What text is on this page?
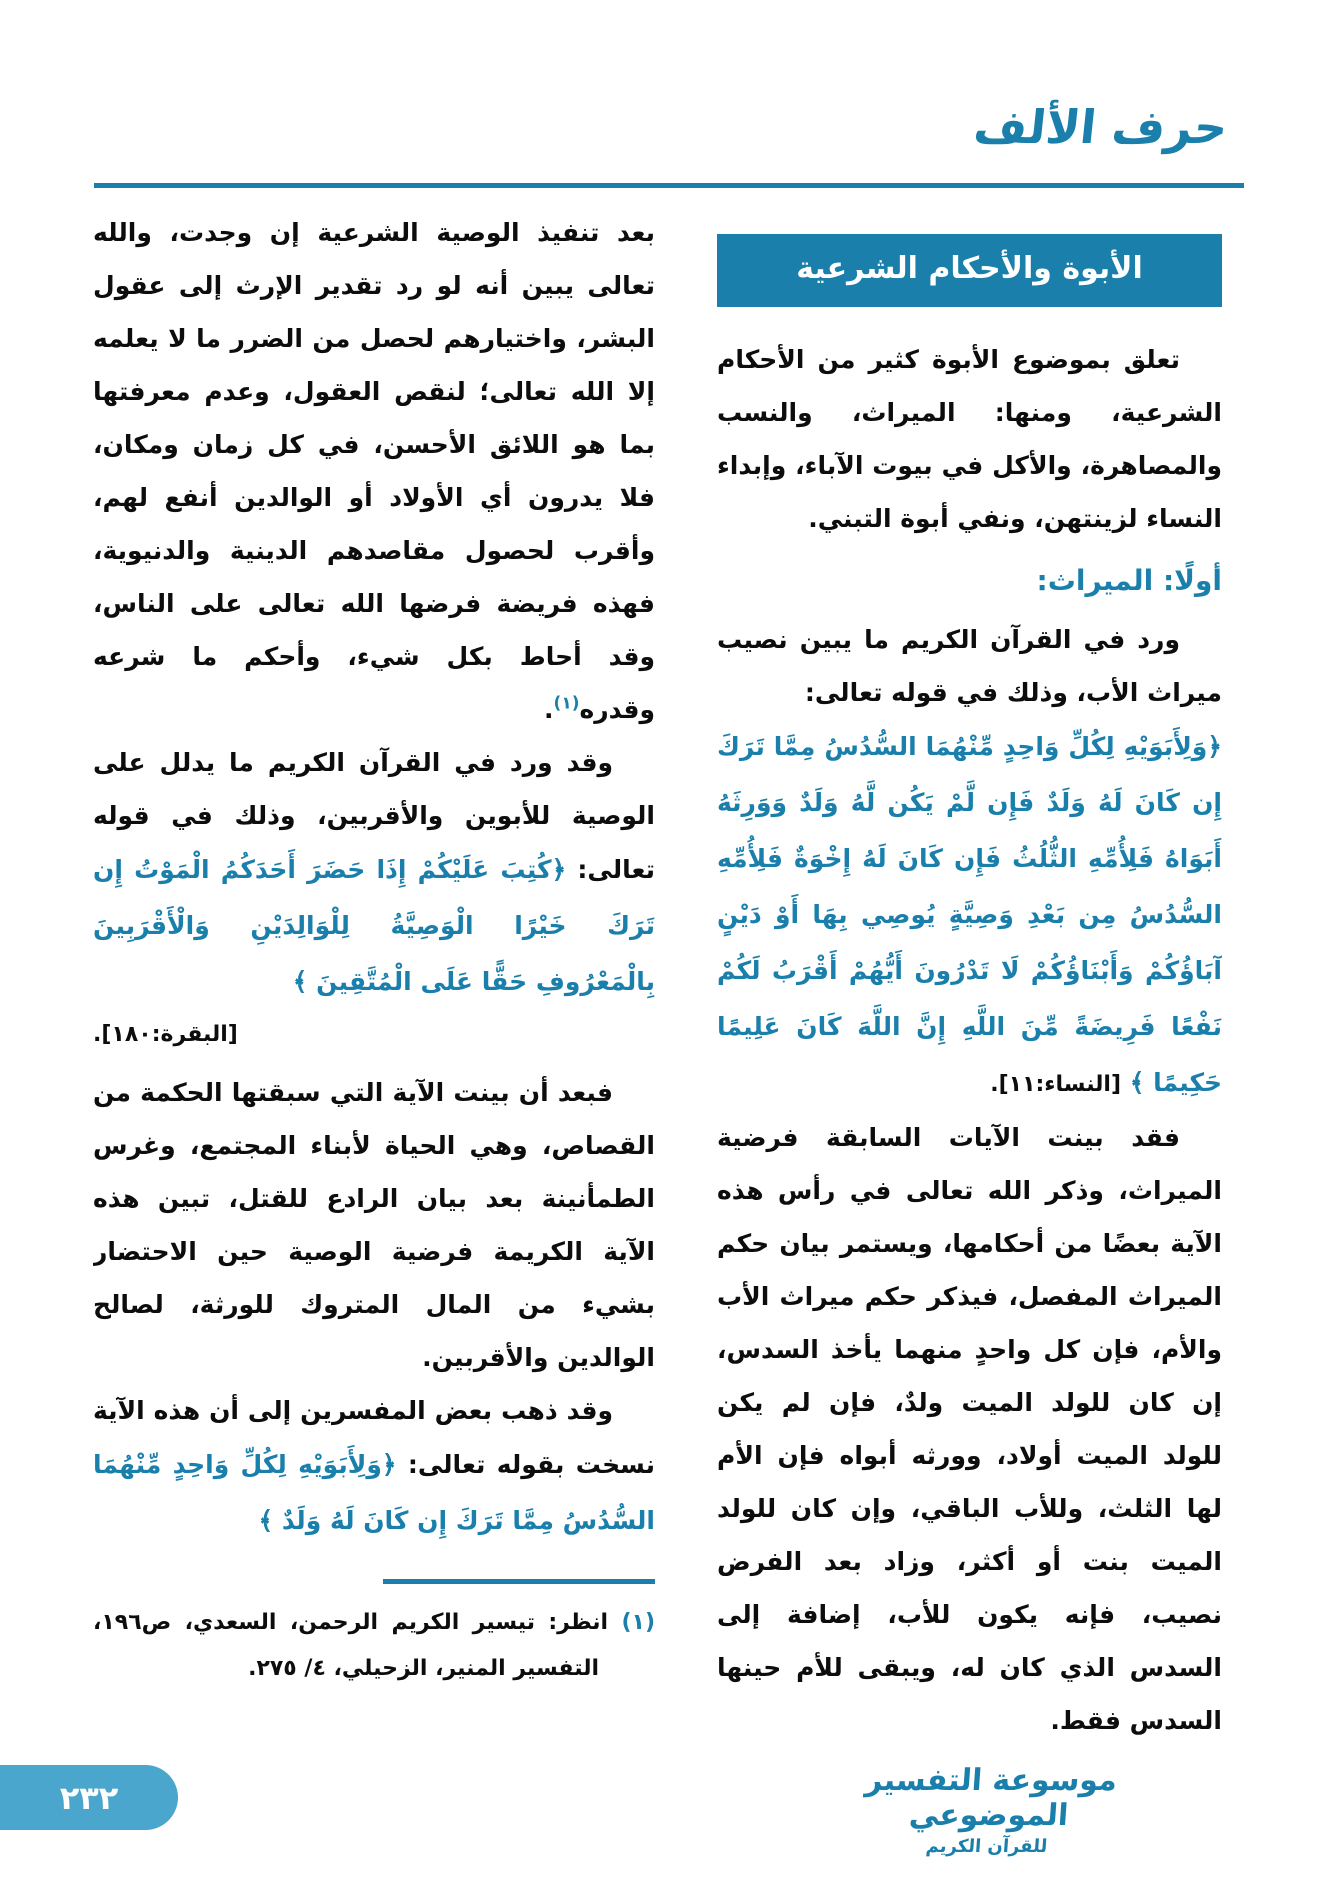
حرف الألف
الأبوة والأحكام الشرعية

تعلق بموضوع الأبوة كثير من الأحكام الشرعية، ومنها: الميراث، والنسب والمصاهرة، والأكل في بيوت الآباء، وإبداء النساء لزينتهن، ونفي أبوة التبني.

أولًا: الميراث:

ورد في القرآن الكريم ما يبين نصيب ميراث الأب، وذلك في قوله تعالى:

﴿وَلِأَبَوَيْهِ لِكُلِّ وَاحِدٍ مِّنْهُمَا السُّدُسُ مِمَّا تَرَكَ إِن كَانَ لَهُ وَلَدٌ فَإِن لَّمْ يَكُن لَّهُ وَلَدٌ وَوَرِثَهُ أَبَوَاهُ فَلِأُمِّهِ الثُّلُثُ فَإِن كَانَ لَهُ إِخْوَةٌ فَلِأُمِّهِ السُّدُسُ مِن بَعْدِ وَصِيَّةٍ يُوصِي بِهَا أَوْ دَيْنٍ آبَاؤُكُمْ وَأَبْنَاؤُكُمْ لَا تَدْرُونَ أَيُّهُمْ أَقْرَبُ لَكُمْ نَفْعًا فَرِيضَةً مِّنَ اللَّهِ إِنَّ اللَّهَ كَانَ عَلِيمًا حَكِيمًا ﴾ [النساء:١١].

فقد بينت الآيات السابقة فرضية الميراث، وذكر الله تعالى في رأس هذه الآية بعضًا من أحكامها، ويستمر بيان حكم الميراث المفصل، فيذكر حكم ميراث الأب والأم، فإن كل واحدٍ منهما يأخذ السدس، إن كان للولد الميت ولدٌ، فإن لم يكن للولد الميت أولاد، وورثه أبواه فإن الأم لها الثلث، وللأب الباقي، وإن كان للولد الميت بنت أو أكثر، وزاد بعد الفرض نصيب، فإنه يكون للأب، إضافة إلى السدس الذي كان له، ويبقى للأم حينها السدس فقط.

بعد تنفيذ الوصية الشرعية إن وجدت، والله تعالى يبين أنه لو رد تقدير الإرث إلى عقول البشر، واختيارهم لحصل من الضرر ما لا يعلمه إلا الله تعالى؛ لنقص العقول، وعدم معرفتها بما هو اللائق الأحسن، في كل زمان ومكان، فلا يدرون أي الأولاد أو الوالدين أنفع لهم، وأقرب لحصول مقاصدهم الدينية والدنيوية، فهذه فريضة فرضها الله تعالى على الناس، وقد أحاط بكل شيء، وأحكم ما شرعه وقدره$^{(١)}$.

وقد ورد في القرآن الكريم ما يدلل على الوصية للأبوين والأقربين، وذلك في قوله تعالى: ﴿كُتِبَ عَلَيْكُمْ إِذَا حَضَرَ أَحَدَكُمُ الْمَوْتُ إِن تَرَكَ خَيْرًا الْوَصِيَّةُ لِلْوَالِدَيْنِ وَالْأَقْرَبِينَ بِالْمَعْرُوفِ حَقًّا عَلَى الْمُتَّقِينَ ﴾

[البقرة:١٨٠].

فبعد أن بينت الآية التي سبقتها الحكمة من القصاص، وهي الحياة لأبناء المجتمع، وغرس الطمأنينة بعد بيان الرادع للقتل، تبين هذه الآية الكريمة فرضية الوصية حين الاحتضار بشيء من المال المتروك للورثة، لصالح الوالدين والأقربين.

وقد ذهب بعض المفسرين إلى أن هذه الآية نسخت بقوله تعالى: ﴿وَلِأَبَوَيْهِ لِكُلِّ وَاحِدٍ مِّنْهُمَا السُّدُسُ مِمَّا تَرَكَ إِن كَانَ لَهُ وَلَدٌ ﴾

(١) انظر: تيسير الكريم الرحمن، السعدي، ص١٩٦، التفسير المنير، الزحيلي، ٤/ ٢٧٥.

موسوعة التفسير الموضوعي
للقرآن الكريم
٢٣٢
